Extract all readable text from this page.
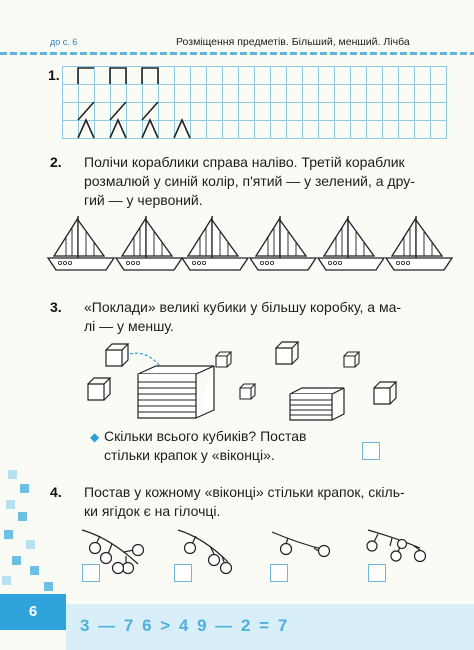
до с. 6	Розміщення предметів. Більший, менший. Лічба
1.
2. Полічи кораблики справа наліво. Третій кораблик
розмалюй у синій колір, п'ятий — у зелений, а дру-
гий — у червоний.
3. «Поклади» великі кубики у більшу коробку, а ма-
лі — у меншу.
◆ Скільки всього кубиків? Постав
стільки крапок у «віконці».
4. Постав у кожному «віконці» стільки крапок, скіль-
ки ягідок є на гілочці.
6
3 — 7 6 > 4 9 — 2 = 7
